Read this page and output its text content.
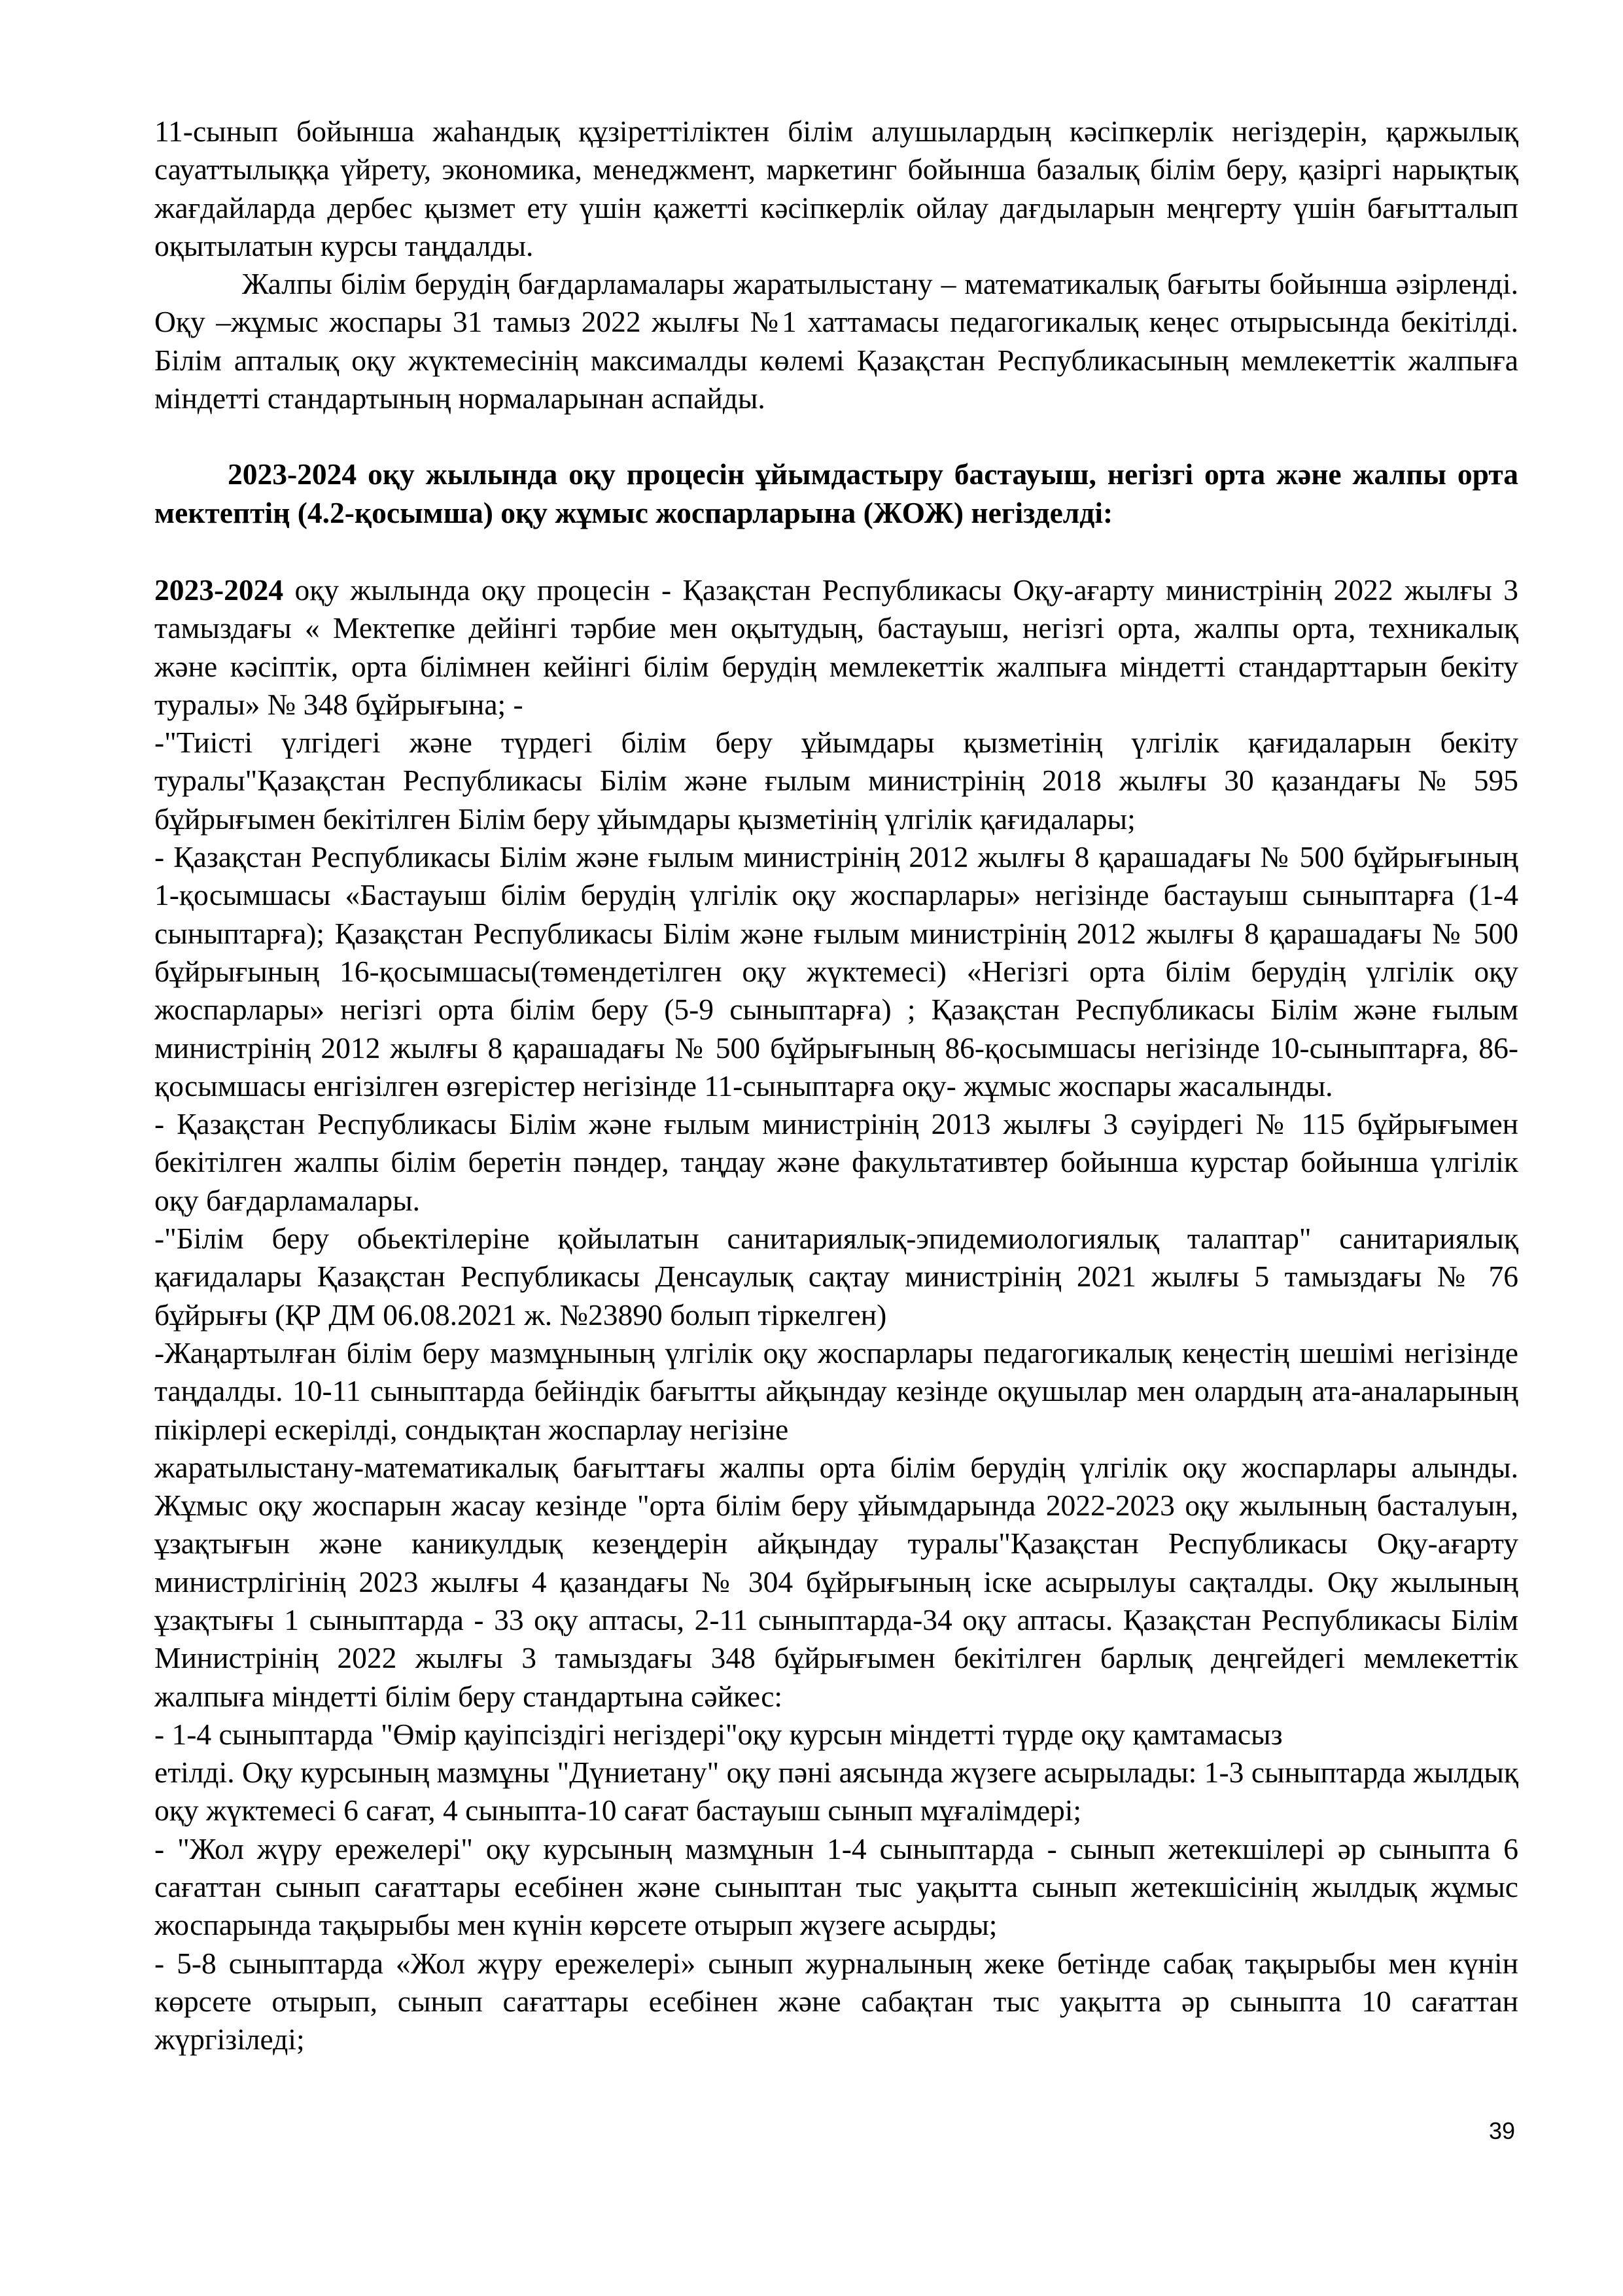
11-сынып бойынша жаһандық құзіреттіліктен білім алушылардың кәсіпкерлік негіздерін, қаржылық сауаттылыққа үйрету, экономика, менеджмент, маркетинг бойынша базалық білім беру, қазіргі нарықтық жағдайларда дербес қызмет ету үшін қажетті кәсіпкерлік ойлау дағдыларын меңгерту үшін бағытталып оқытылатын курсы таңдалды.

Жалпы білім берудің бағдарламалары жаратылыстану – математикалық бағыты бойынша әзірленді. Оқу –жұмыс жоспары 31 тамыз 2022 жылғы №1 хаттамасы педагогикалық кеңес отырысында бекітілді. Білім апталық оқу жүктемесінің максималды көлемі Қазақстан Республикасының мемлекеттік жалпыға міндетті стандартының нормаларынан аспайды.

2023-2024 оқу жылында оқу процесін ұйымдастыру бастауыш, негізгі орта және жалпы орта мектептің (4.2-қосымша) оқу жұмыс жоспарларына (ЖОЖ) негізделді:

2023-2024 оқу жылында оқу процесін - Қазақстан Республикасы Оқу-ағарту министрінің 2022 жылғы 3 тамыздағы « Мектепке дейінгі тәрбие мен оқытудың, бастауыш, негізгі орта, жалпы орта, техникалық және кәсіптік, орта білімнен кейінгі білім берудің мемлекеттік жалпыға міндетті стандарттарын бекіту туралы» № 348 бұйрығына; -

-"Тиісті үлгідегі және түрдегі білім беру ұйымдары қызметінің үлгілік қағидаларын бекіту туралы"Қазақстан Республикасы Білім және ғылым министрінің 2018 жылғы 30 қазандағы № 595 бұйрығымен бекітілген Білім беру ұйымдары қызметінің үлгілік қағидалары;

- Қазақстан Республикасы Білім және ғылым министрінің 2012 жылғы 8 қарашадағы № 500 бұйрығының 1-қосымшасы «Бастауыш білім берудің үлгілік оқу жоспарлары» негізінде бастауыш сыныптарға (1-4 сыныптарға); Қазақстан Республикасы Білім және ғылым министрінің 2012 жылғы 8 қарашадағы № 500 бұйрығының 16-қосымшасы(төмендетілген оқу жүктемесі) «Негізгі орта білім берудің үлгілік оқу жоспарлары» негізгі орта білім беру (5-9 сыныптарға) ; Қазақстан Республикасы Білім және ғылым министрінің 2012 жылғы 8 қарашадағы № 500 бұйрығының 86-қосымшасы негізінде 10-сыныптарға, 86-қосымшасы енгізілген өзгерістер негізінде 11-сыныптарға оқу- жұмыс жоспары жасалынды.

- Қазақстан Республикасы Білім және ғылым министрінің 2013 жылғы 3 сәуірдегі № 115 бұйрығымен бекітілген жалпы білім беретін пәндер, таңдау және факультативтер бойынша курстар бойынша үлгілік оқу бағдарламалары.

-"Білім беру обьектілеріне қойылатын санитариялық-эпидемиологиялық талаптар" санитариялық қағидалары Қазақстан Республикасы Денсаулық сақтау министрінің 2021 жылғы 5 тамыздағы № 76 бұйрығы (ҚР ДМ 06.08.2021 ж. №23890 болып тіркелген)

-Жаңартылған білім беру мазмұнының үлгілік оқу жоспарлары педагогикалық кеңестің шешімі негізінде таңдалды. 10-11 сыныптарда бейіндік бағытты айқындау кезінде оқушылар мен олардың ата-аналарының пікірлері ескерілді, сондықтан жоспарлау негізіне

жаратылыстану-математикалық бағыттағы жалпы орта білім берудің үлгілік оқу жоспарлары алынды. Жұмыс оқу жоспарын жасау кезінде "орта білім беру ұйымдарында 2022-2023 оқу жылының басталуын, ұзақтығын және каникулдық кезеңдерін айқындау туралы"Қазақстан Республикасы Оқу-ағарту министрлігінің 2023 жылғы 4 қазандағы № 304 бұйрығының іске асырылуы сақталды. Оқу жылының ұзақтығы 1 сыныптарда - 33 оқу аптасы, 2-11 сыныптарда-34 оқу аптасы. Қазақстан Республикасы Білім Министрінің 2022 жылғы 3 тамыздағы 348 бұйрығымен бекітілген барлық деңгейдегі мемлекеттік жалпыға міндетті білім беру стандартына сәйкес:

- 1-4 сыныптарда "Өмір қауіпсіздігі негіздері"оқу курсын міндетті түрде оқу қамтамасыз

етілді. Оқу курсының мазмұны "Дүниетану" оқу пәні аясында жүзеге асырылады: 1-3 сыныптарда жылдық оқу жүктемесі 6 сағат, 4 сыныпта-10 сағат бастауыш сынып мұғалімдері;

- "Жол жүру ережелері" оқу курсының мазмұнын 1-4 сыныптарда - сынып жетекшілері әр сыныпта 6 сағаттан сынып сағаттары есебінен және сыныптан тыс уақытта сынып жетекшісінің жылдық жұмыс жоспарында тақырыбы мен күнін көрсете отырып жүзеге асырды;

- 5-8 сыныптарда «Жол жүру ережелері» сынып журналының жеке бетінде сабақ тақырыбы мен күнін көрсете отырып, сынып сағаттары есебінен және сабақтан тыс уақытта әр сыныпта 10 сағаттан жүргізіледі;

39
